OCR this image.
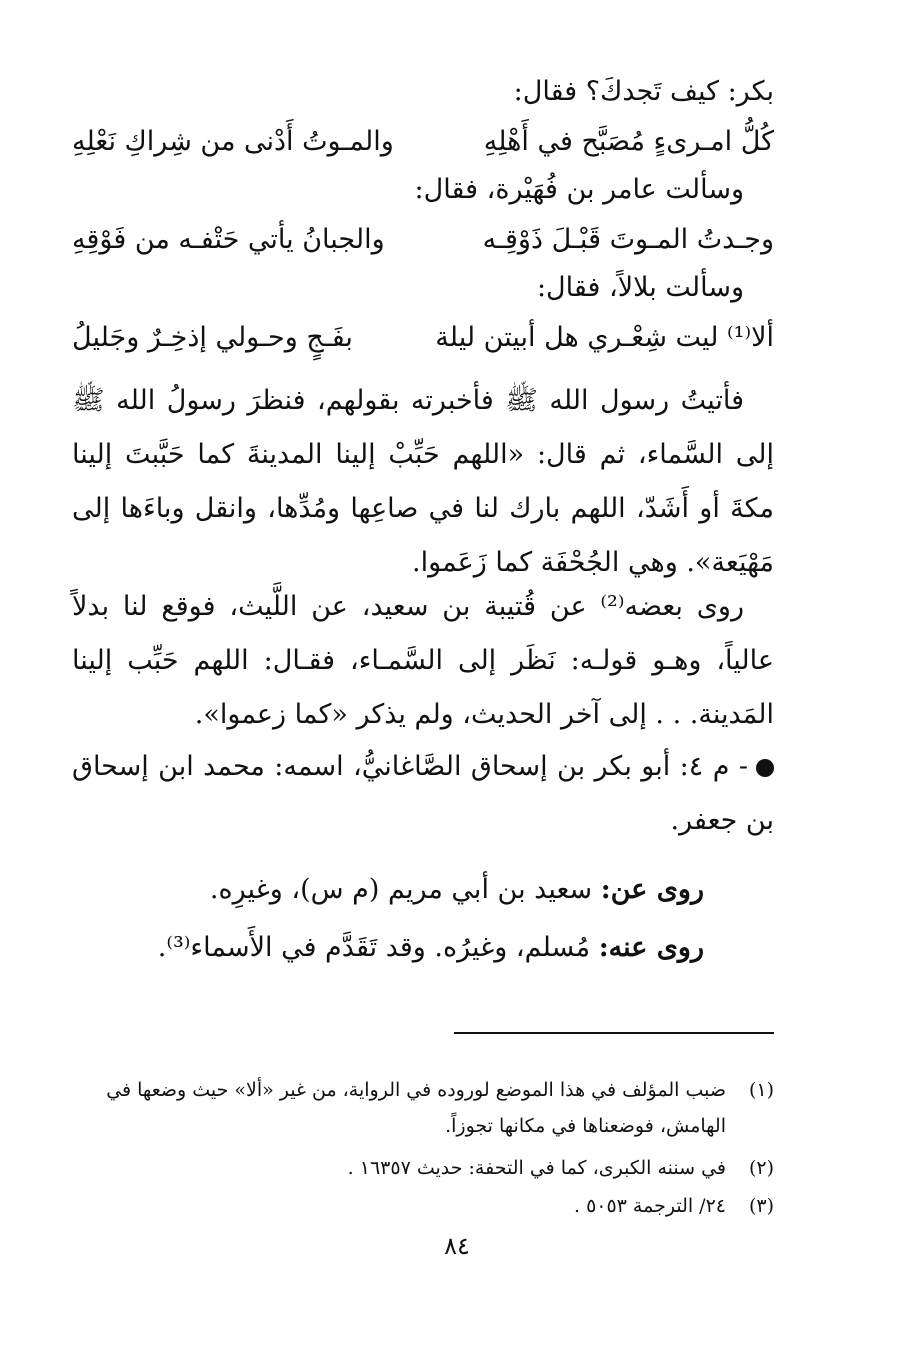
بكر: كيف تَجدكَ؟ فقال:
كُلُّ امـرىءٍ مُصَبَّح في أَهْلِهِ
والمـوتُ أَدْنى من شِراكِ نَعْلِهِ
وسألت عامر بن فُهَيْرة، فقال:
وجـدتُ المـوتَ قَبْـلَ ذَوْقِـه
والجبانُ يأتي حَتْفـه من فَوْقِهِ
وسألت بلالاً، فقال:
ألا⁽¹⁾ ليت شِعْـري هل أبيتن ليلة
بفَـجٍ وحـولي إذخِـرٌ وجَليلُ
فأتيتُ رسول الله ﷺ فأخبرته بقولهم، فنظرَ رسولُ الله ﷺ إلى السَّماء، ثم قال: «اللهم حَبِّبْ إلينا المدينةَ كما حَبَّبتَ إلينا مكةَ أو أَشَدّ، اللهم بارك لنا في صاعِها ومُدِّها، وانقل وباءَها إلى مَهْيَعة». وهي الجُحْفَة كما زَعَموا.
روى بعضه⁽²⁾ عن قُتيبة بن سعيد، عن اللَّيث، فوقع لنا بدلاً عالياً، وهـو قولـه: نَظَر إلى السَّمـاء، فقـال: اللهم حَبِّب إلينا المَدينة. . . إلى آخر الحديث، ولم يذكر «كما زعموا».
- م ٤: أبو بكر بن إسحاق الصَّاغانيُّ، اسمه: محمد ابن إسحاق بن جعفر.
روى عن: سعيد بن أبي مريم (م س)، وغيرِه.
روى عنه: مُسلم، وغيرُه. وقد تَقَدَّم في الأَسماء⁽³⁾.
(١)
ضبب المؤلف في هذا الموضع لوروده في الرواية، من غير «ألا» حيث وضعها في الهامش، فوضعناها في مكانها تجوزاً.
(٢)
في سننه الكبرى، كما في التحفة: حديث ١٦٣٥٧ .
(٣)
٢٤/ الترجمة ٥٠٥٣ .
٨٤
